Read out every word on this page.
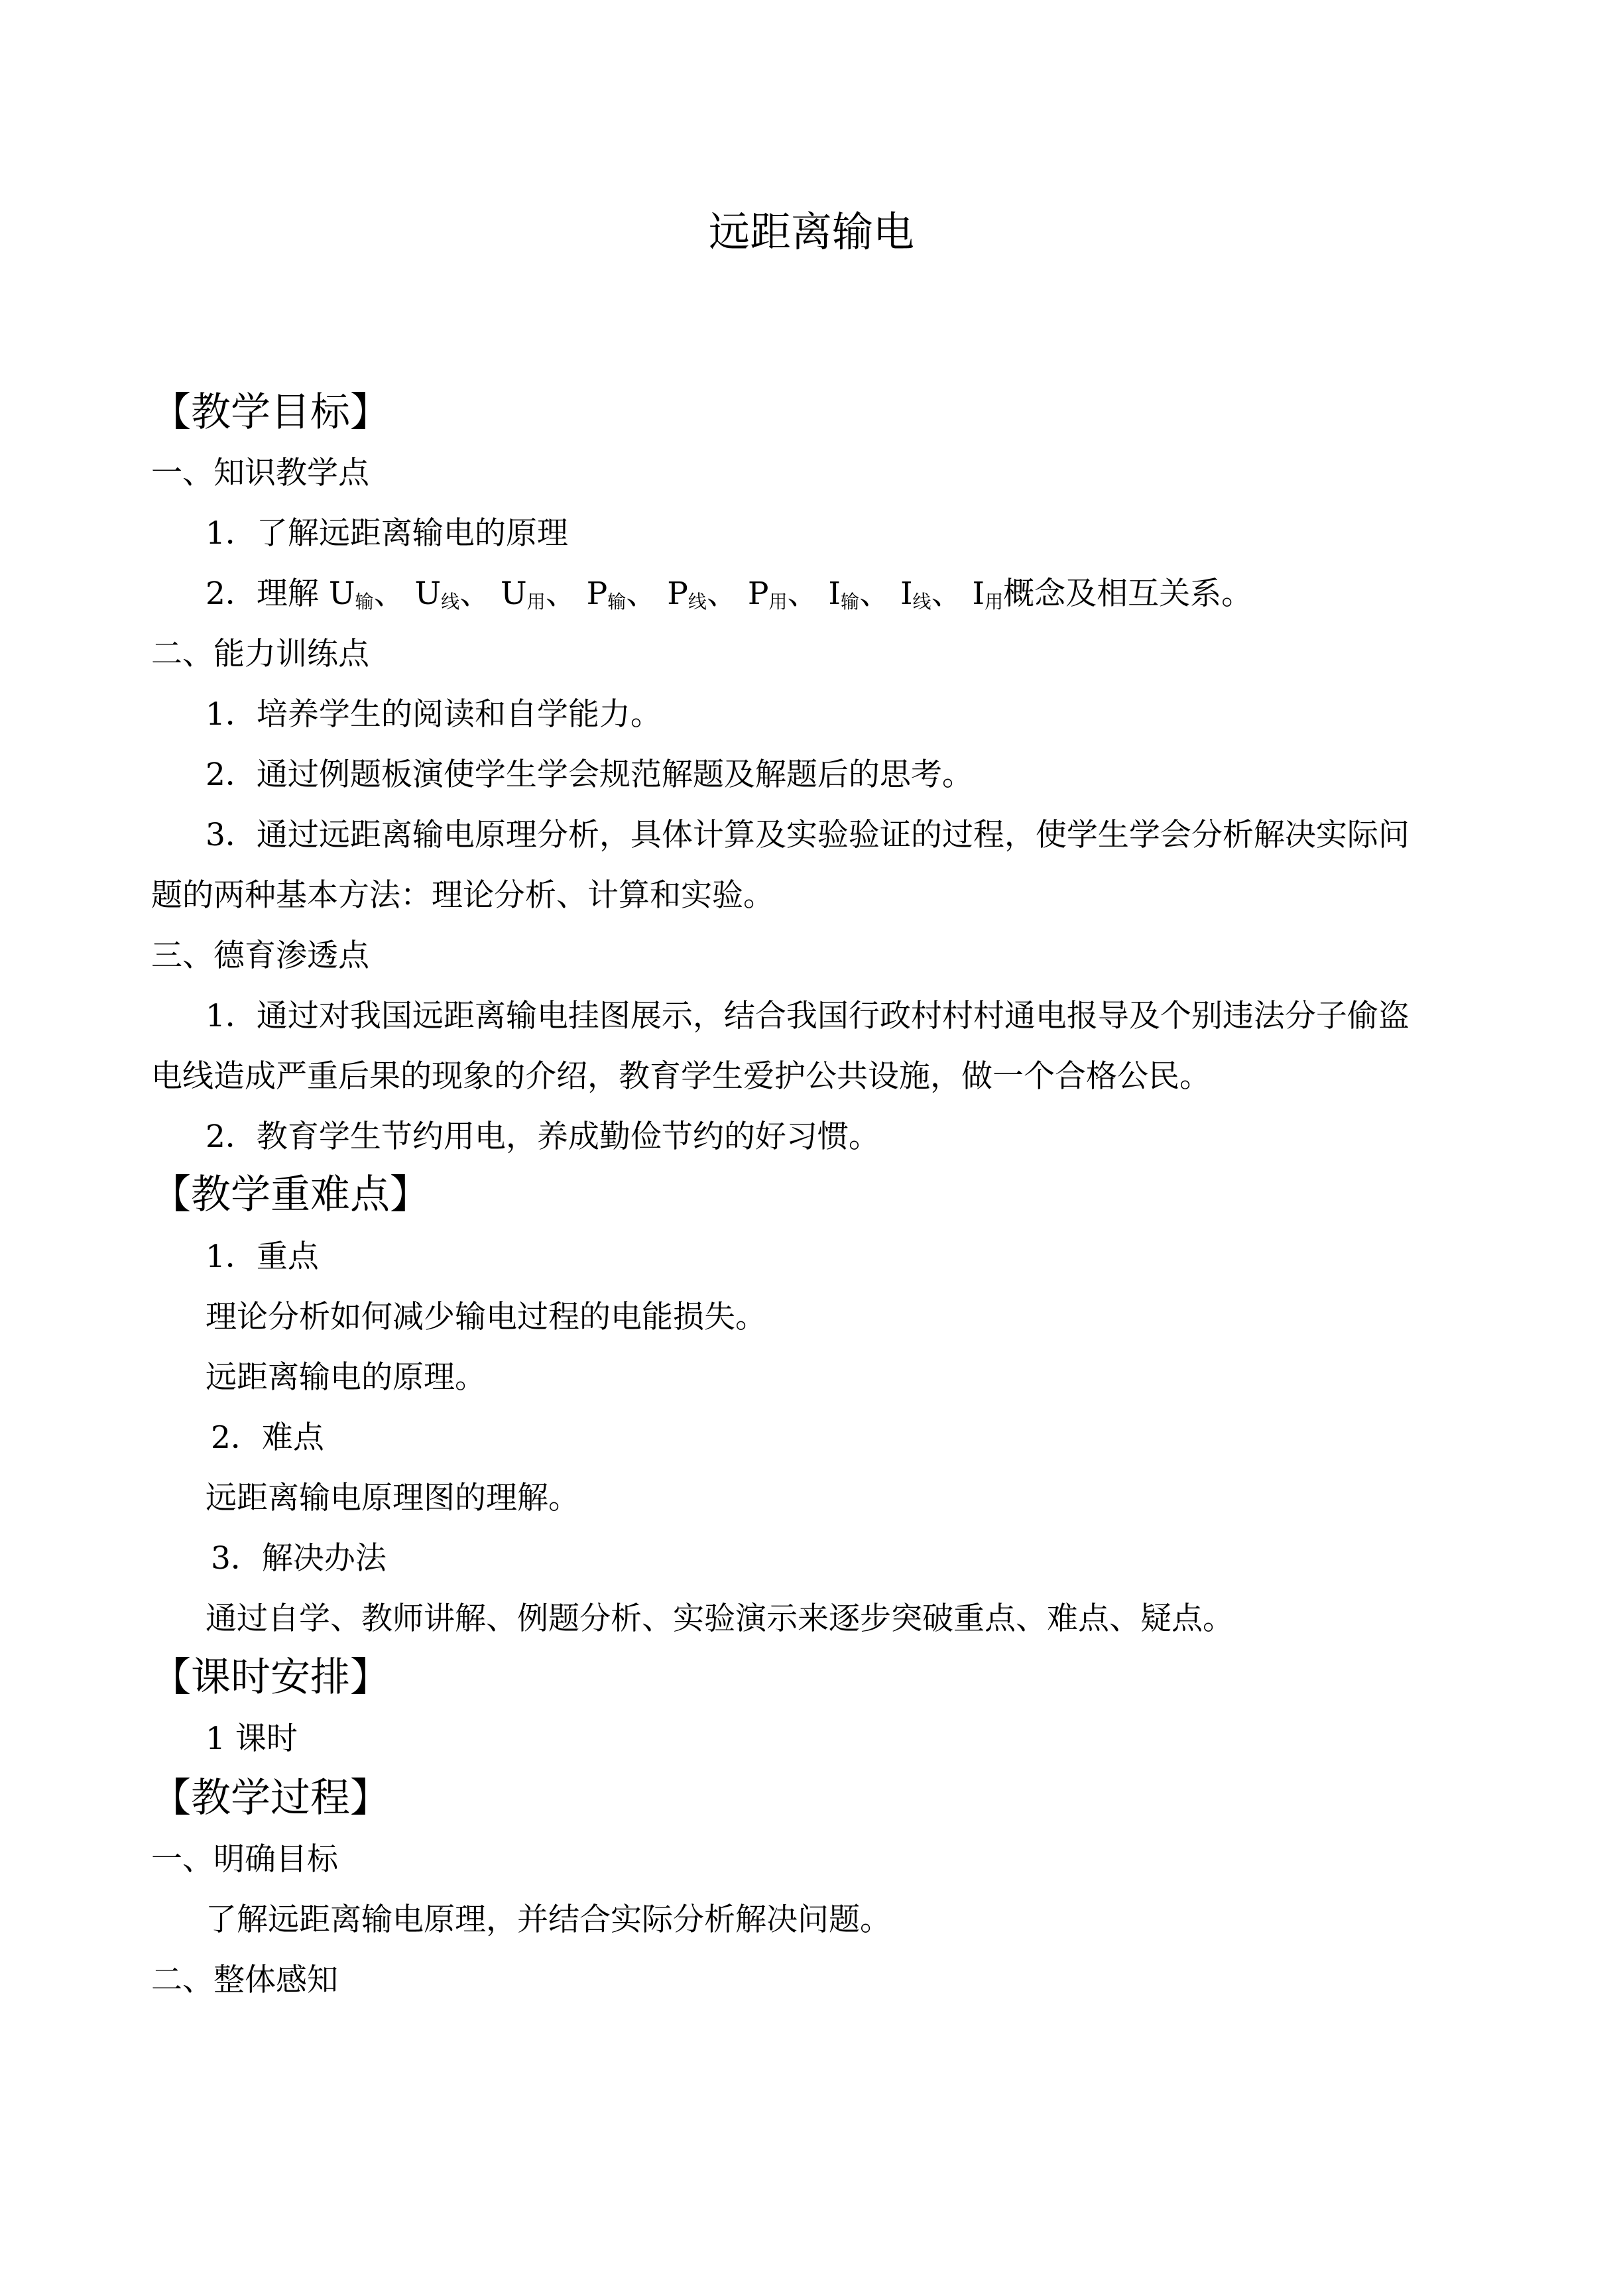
远距离输电
【教学目标】
一、知识教学点
1．了解远距离输电的原理
2．理解 $U_输$、 $U_线$、 $U_用$、 $P_输$、 $P_线$、 $P_用$、 $I_输$、 $I_线$、 $I_用$概念及相互关系。
二、能力训练点
1．培养学生的阅读和自学能力。
2．通过例题板演使学生学会规范解题及解题后的思考。
3．通过远距离输电原理分析，具体计算及实验验证的过程，使学生学会分析解决实际问
题的两种基本方法：理论分析、计算和实验。
三、德育渗透点
1．通过对我国远距离输电挂图展示，结合我国行政村村村通电报导及个别违法分子偷盗
电线造成严重后果的现象的介绍，教育学生爱护公共设施，做一个合格公民。
2．教育学生节约用电，养成勤俭节约的好习惯。
【教学重难点】
1．重点
理论分析如何减少输电过程的电能损失。
远距离输电的原理。
2．难点
远距离输电原理图的理解。
3．解决办法
通过自学、教师讲解、例题分析、实验演示来逐步突破重点、难点、疑点。
【课时安排】
1 课时
【教学过程】
一、明确目标
了解远距离输电原理，并结合实际分析解决问题。
二、整体感知
